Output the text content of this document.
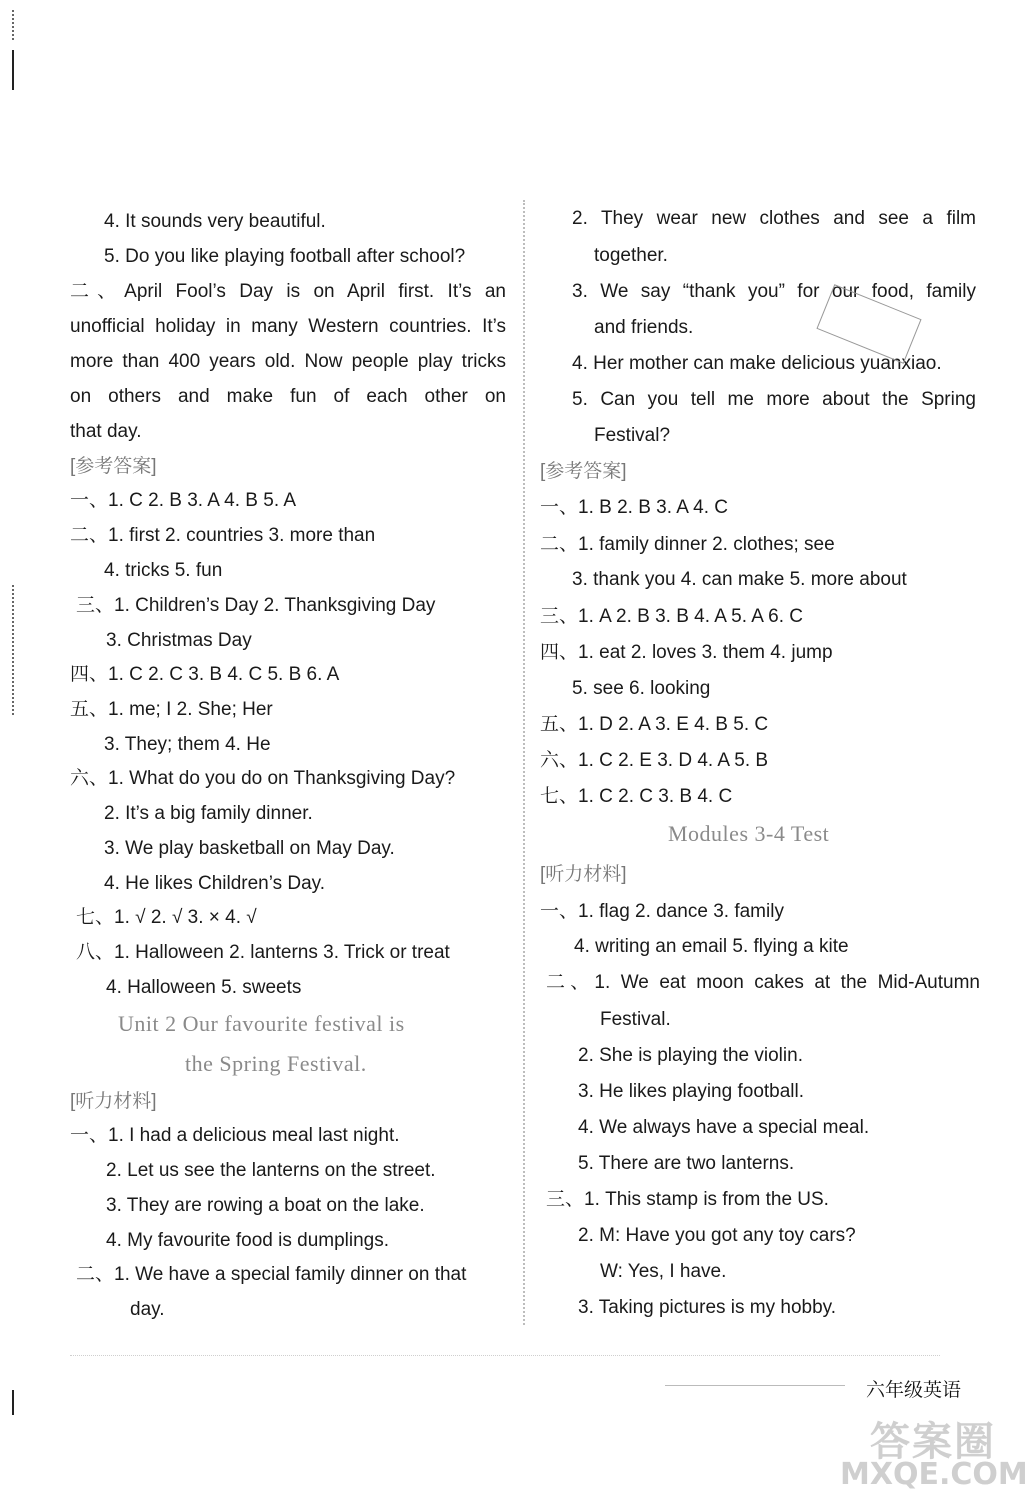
4. It sounds very beautiful.
5. Do you like playing football after school?
二、April Fool’s Day is on April first. It’s an
unofficial holiday in many Western countries. It’s
more than 400 years old. Now people play tricks
on others and make fun of each other on
that day.
[参考答案]
一、1. C 2. B 3. A 4. B 5. A
二、1. first 2. countries 3. more than
4. tricks 5. fun
三、1. Children’s Day 2. Thanksgiving Day
3. Christmas Day
四、1. C 2. C 3. B 4. C 5. B 6. A
五、1. me; I 2. She; Her
3. They; them 4. He
六、1. What do you do on Thanksgiving Day?
2. It’s a big family dinner.
3. We play basketball on May Day.
4. He likes Children’s Day.
七、1. √ 2. √ 3. × 4. √
八、1. Halloween 2. lanterns 3. Trick or treat
4. Halloween 5. sweets
Unit 2 Our favourite festival is
the Spring Festival.
[听力材料]
一、1. I had a delicious meal last night.
2. Let us see the lanterns on the street.
3. They are rowing a boat on the lake.
4. My favourite food is dumplings.
二、1. We have a special family dinner on that
day.
2. They wear new clothes and see a film
together.
3. We say “thank you” for our food, family
and friends.
4. Her mother can make delicious yuanxiao.
5. Can you tell me more about the Spring
Festival?
[参考答案]
一、1. B 2. B 3. A 4. C
二、1. family dinner 2. clothes; see
3. thank you 4. can make 5. more about
三、1. A 2. B 3. B 4. A 5. A 6. C
四、1. eat 2. loves 3. them 4. jump
5. see 6. looking
五、1. D 2. A 3. E 4. B 5. C
六、1. C 2. E 3. D 4. A 5. B
七、1. C 2. C 3. B 4. C
Modules 3-4 Test
[听力材料]
一、1. flag 2. dance 3. family
4. writing an email 5. flying a kite
二、1. We eat moon cakes at the Mid-Autumn
Festival.
2. She is playing the violin.
3. He likes playing football.
4. We always have a special meal.
5. There are two lanterns.
三、1. This stamp is from the US.
2. M: Have you got any toy cars?
W: Yes, I have.
3. Taking pictures is my hobby.
六年级英语
答案圈
MXQE.COM
